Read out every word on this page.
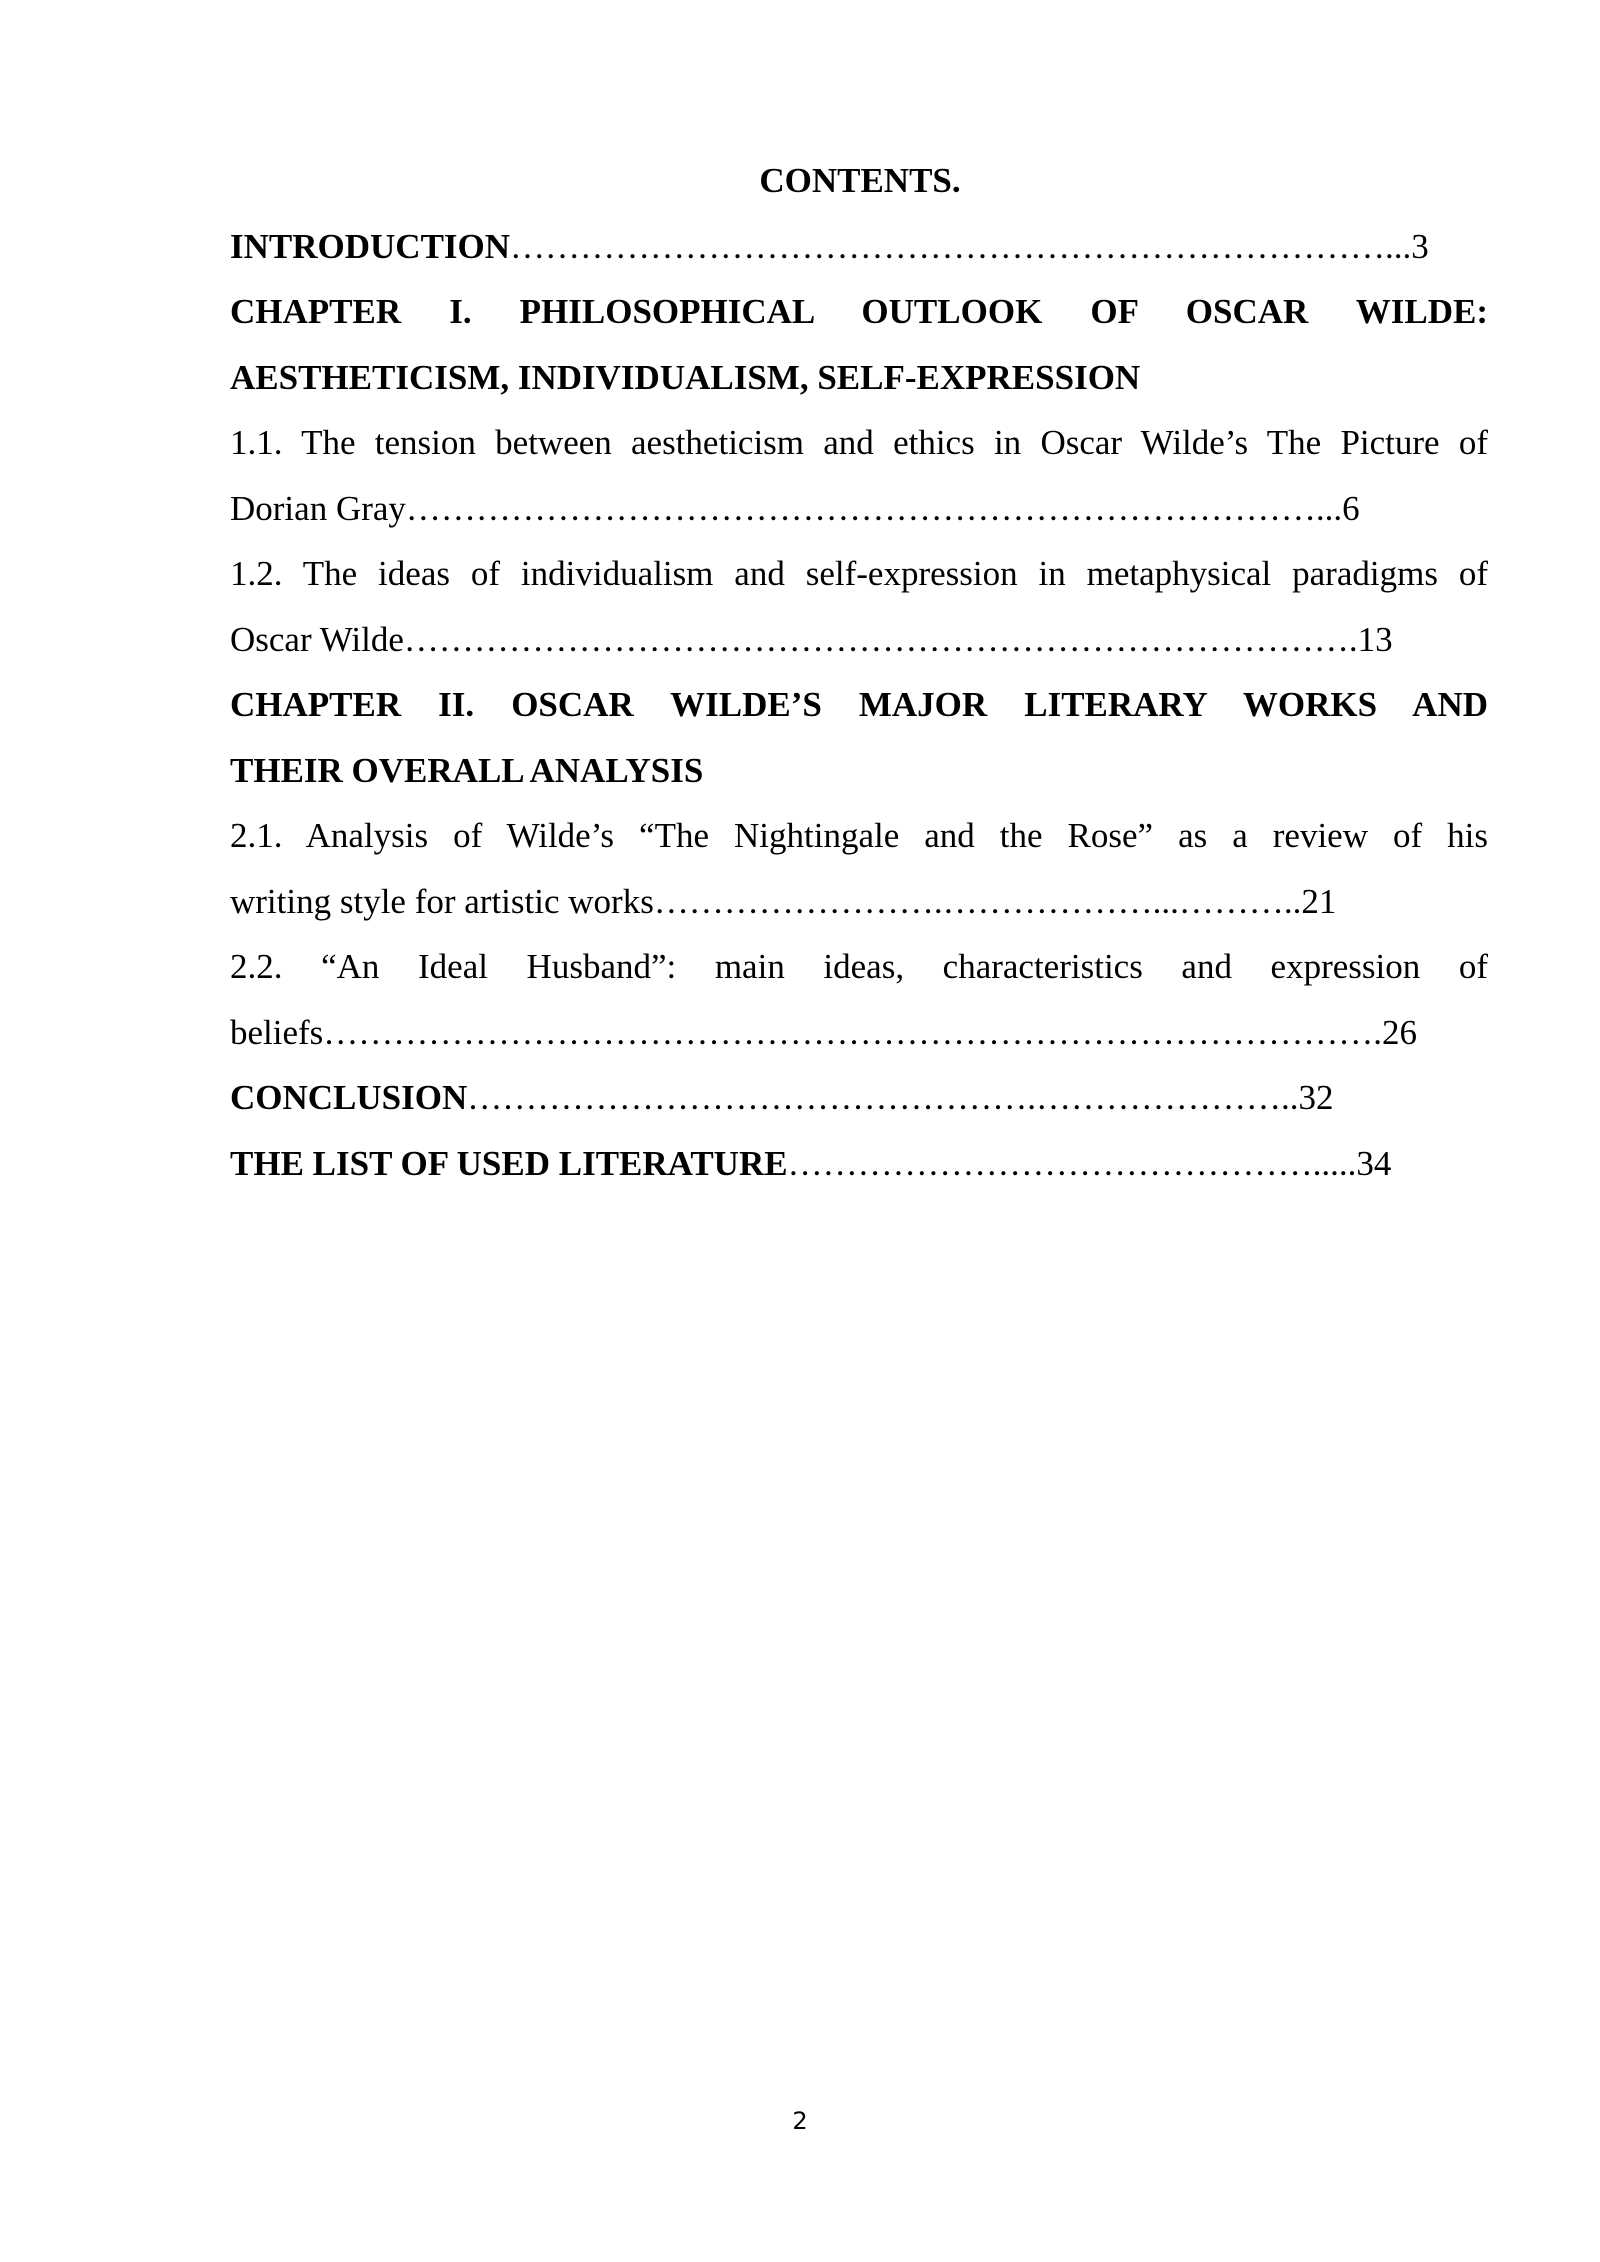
CONTENTS.

INTRODUCTION…………………………………………………………………...3

CHAPTER I. PHILOSOPHICAL OUTLOOK OF OSCAR WILDE:

AESTHETICISM, INDIVIDUALISM, SELF-EXPRESSION

1.1. The tension between aestheticism and ethics in Oscar Wilde’s The Picture of

Dorian Gray……………………………………………………………………...6

1.2. The ideas of individualism and self-expression in metaphysical paradigms of

Oscar Wilde……………………………………………………………………….13

CHAPTER II. OSCAR WILDE’S MAJOR LITERARY WORKS AND

THEIR OVERALL ANALYSIS

2.1. Analysis of Wilde’s “The Nightingale and the Rose” as a review of his

writing style for artistic works…………………….………………...………..21

2.2. “An Ideal Husband”: main ideas, characteristics and expression of

beliefs……………………………………………………………………………….26

CONCLUSION………………………………………….…………………..32

THE LIST OF USED LITERATURE……………………………………….....34

2
